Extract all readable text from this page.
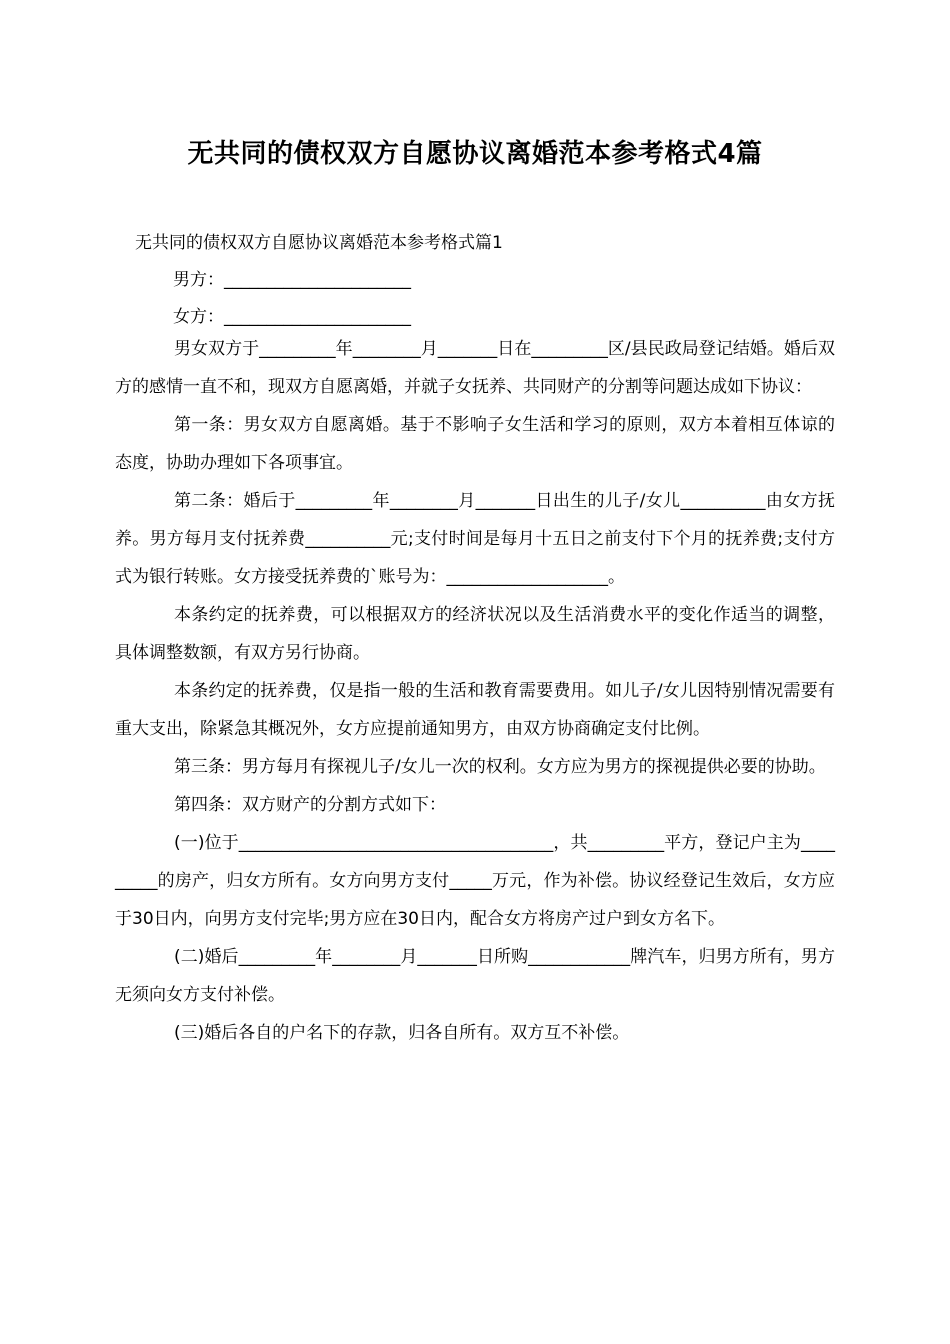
无共同的债权双方自愿协议离婚范本参考格式4篇
无共同的债权双方自愿协议离婚范本参考格式篇1
男方：______________________
女方：______________________

男女双方于_________年________月_______日在_________区/县民政局登记结婚。婚后双方的感情一直不和，现双方自愿离婚，并就子女抚养、共同财产的分割等问题达成如下协议：

第一条：男女双方自愿离婚。基于不影响子女生活和学习的原则，双方本着相互体谅的态度，协助办理如下各项事宜。

第二条：婚后于_________年________月_______日出生的儿子/女儿__________由女方抚养。男方每月支付抚养费__________元;支付时间是每月十五日之前支付下个月的抚养费;支付方式为银行转账。女方接受抚养费的`账号为：___________________。

本条约定的抚养费，可以根据双方的经济状况以及生活消费水平的变化作适当的调整，具体调整数额，有双方另行协商。

本条约定的抚养费，仅是指一般的生活和教育需要费用。如儿子/女儿因特别情况需要有重大支出，除紧急其概况外，女方应提前通知男方，由双方协商确定支付比例。

第三条：男方每月有探视儿子/女儿一次的权利。女方应为男方的探视提供必要的协助。

第四条：双方财产的分割方式如下：

(一)位于_____________________________________，共_________平方，登记户主为_________的房产，归女方所有。女方向男方支付_____万元，作为补偿。协议经登记生效后，女方应于30日内，向男方支付完毕;男方应在30日内，配合女方将房产过户到女方名下。

(二)婚后_________年________月_______日所购____________牌汽车，归男方所有，男方无须向女方支付补偿。

(三)婚后各自的户名下的存款，归各自所有。双方互不补偿。
